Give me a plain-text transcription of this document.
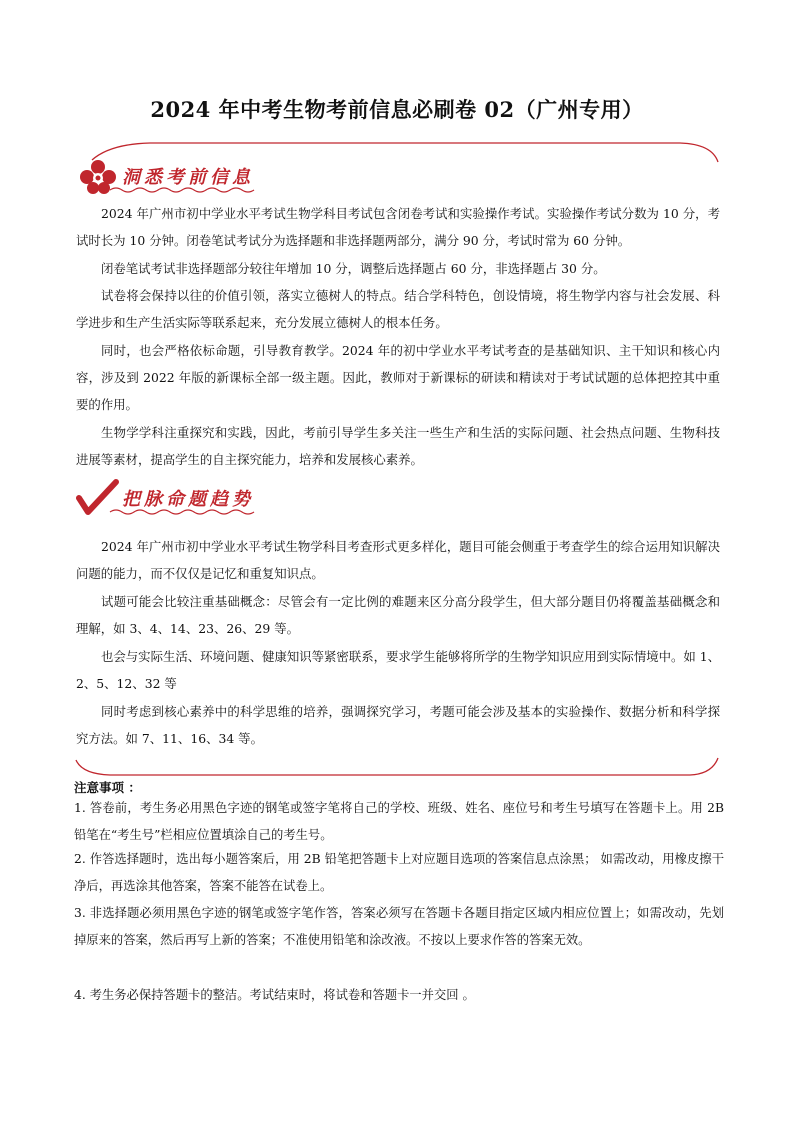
2024 年中考生物考前信息必刷卷 02（广州专用）
洞悉考前信息
2024 年广州市初中学业水平考试生物学科目考试包含闭卷考试和实验操作考试。实验操作考试分数为 10 分，考试时长为 10 分钟。闭卷笔试考试分为选择题和非选择题两部分，满分 90 分，考试时常为 60 分钟。
闭卷笔试考试非选择题部分较往年增加 10 分，调整后选择题占 60 分，非选择题占 30 分。
试卷将会保持以往的价值引领，落实立德树人的特点。结合学科特色，创设情境，将生物学内容与社会发展、科学进步和生产生活实际等联系起来，充分发展立德树人的根本任务。
同时，也会严格依标命题，引导教育教学。2024 年的初中学业水平考试考查的是基础知识、主干知识和核心内容，涉及到 2022 年版的新课标全部一级主题。因此，教师对于新课标的研读和精读对于考试试题的总体把控其中重要的作用。
生物学学科注重探究和实践，因此，考前引导学生多关注一些生产和生活的实际问题、社会热点问题、生物科技进展等素材，提高学生的自主探究能力，培养和发展核心素养。
把脉命题趋势
2024 年广州市初中学业水平考试生物学科目考查形式更多样化，题目可能会侧重于考查学生的综合运用知识解决问题的能力，而不仅仅是记忆和重复知识点。
试题可能会比较注重基础概念：尽管会有一定比例的难题来区分高分段学生，但大部分题目仍将覆盖基础概念和理解，如 3、4、14、23、26、29 等。
也会与实际生活、环境问题、健康知识等紧密联系，要求学生能够将所学的生物学知识应用到实际情境中。如 1、2、5、12、32 等
同时考虑到核心素养中的科学思维的培养，强调探究学习，考题可能会涉及基本的实验操作、数据分析和科学探究方法。如 7、11、16、34 等。
注意事项 ：
1. 答卷前，考生务必用黑色字迹的钢笔或签字笔将自己的学校、班级、姓名、座位号和考生号填写在答题卡上。用 2B 铅笔在“考生号”栏相应位置填涂自己的考生号。
2. 作答选择题时，选出每小题答案后，用 2B 铅笔把答题卡上对应题目选项的答案信息点涂黑； 如需改动，用橡皮擦干净后，再选涂其他答案，答案不能答在试卷上。
3. 非选择题必须用黑色字迹的钢笔或签字笔作答，答案必须写在答题卡各题目指定区域内相应位置上；如需改动，先划掉原来的答案，然后再写上新的答案；不准使用铅笔和涂改液。不按以上要求作答的答案无效。
4. 考生务必保持答题卡的整洁。考试结束时，将试卷和答题卡一并交回 。
